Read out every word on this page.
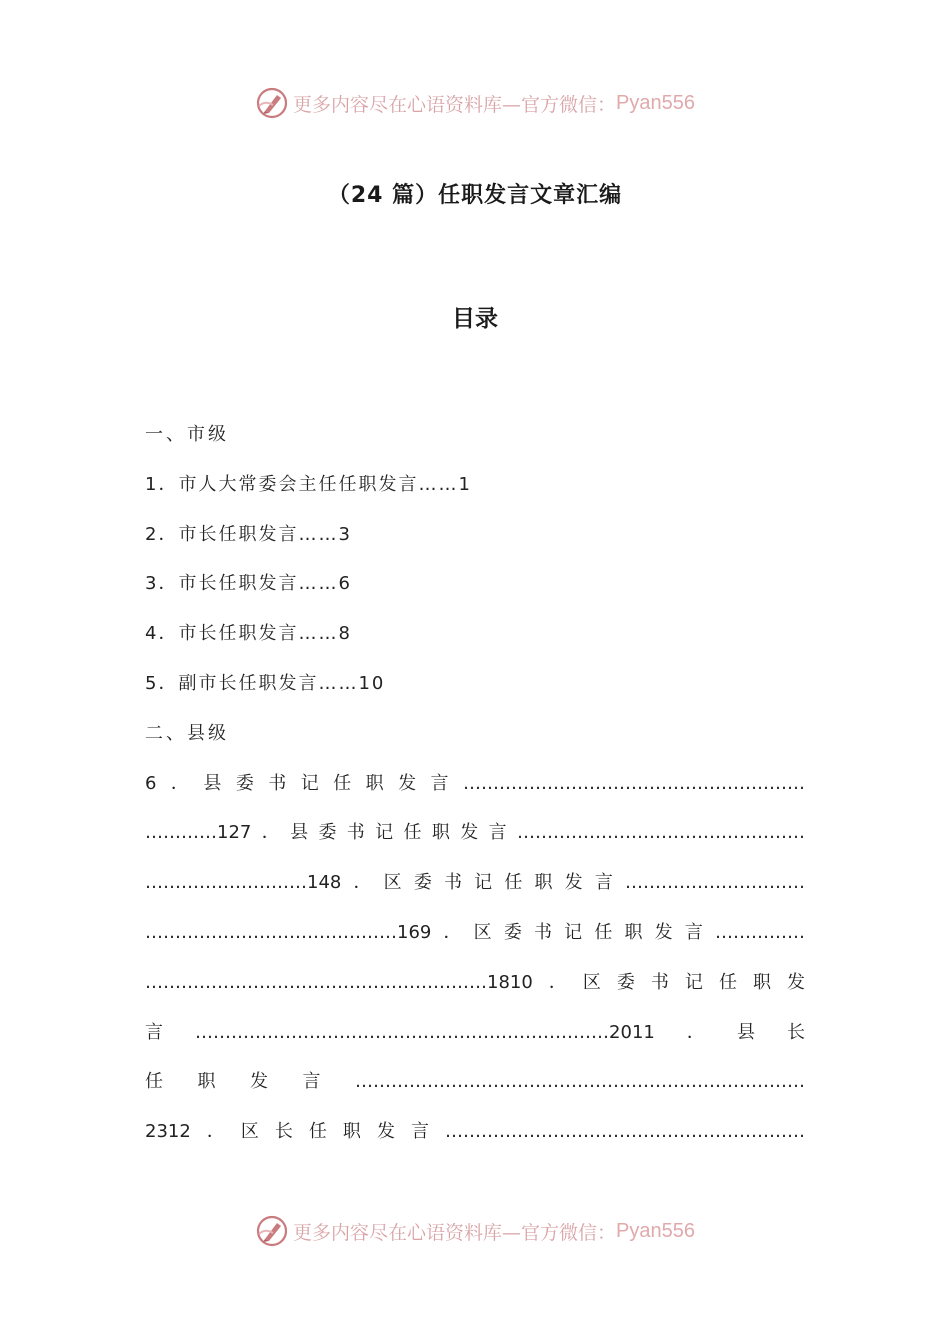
更多内容尽在心语资料库—官方微信： Pyan556
（24 篇）任职发言文章汇编
目录
一、市级
1．市人大常委会主任任职发言……1
2．市长任职发言……3
3．市长任职发言……6
4．市长任职发言……8
5．副市长任职发言……10
二、县级
6．县委书记任职发言…………………………………………………
…………127．县委书记任职发言…………………………………………
………………………148．区委书记任职发言…………………………
……………………………………169．区委书记任职发言……………
…………………………………………………1810．区委书记任职发
言……………………………………………………………2011．县长
任职发言…………………………………………………………………
2312．区长任职发言……………………………………………………
更多内容尽在心语资料库—官方微信： Pyan556
